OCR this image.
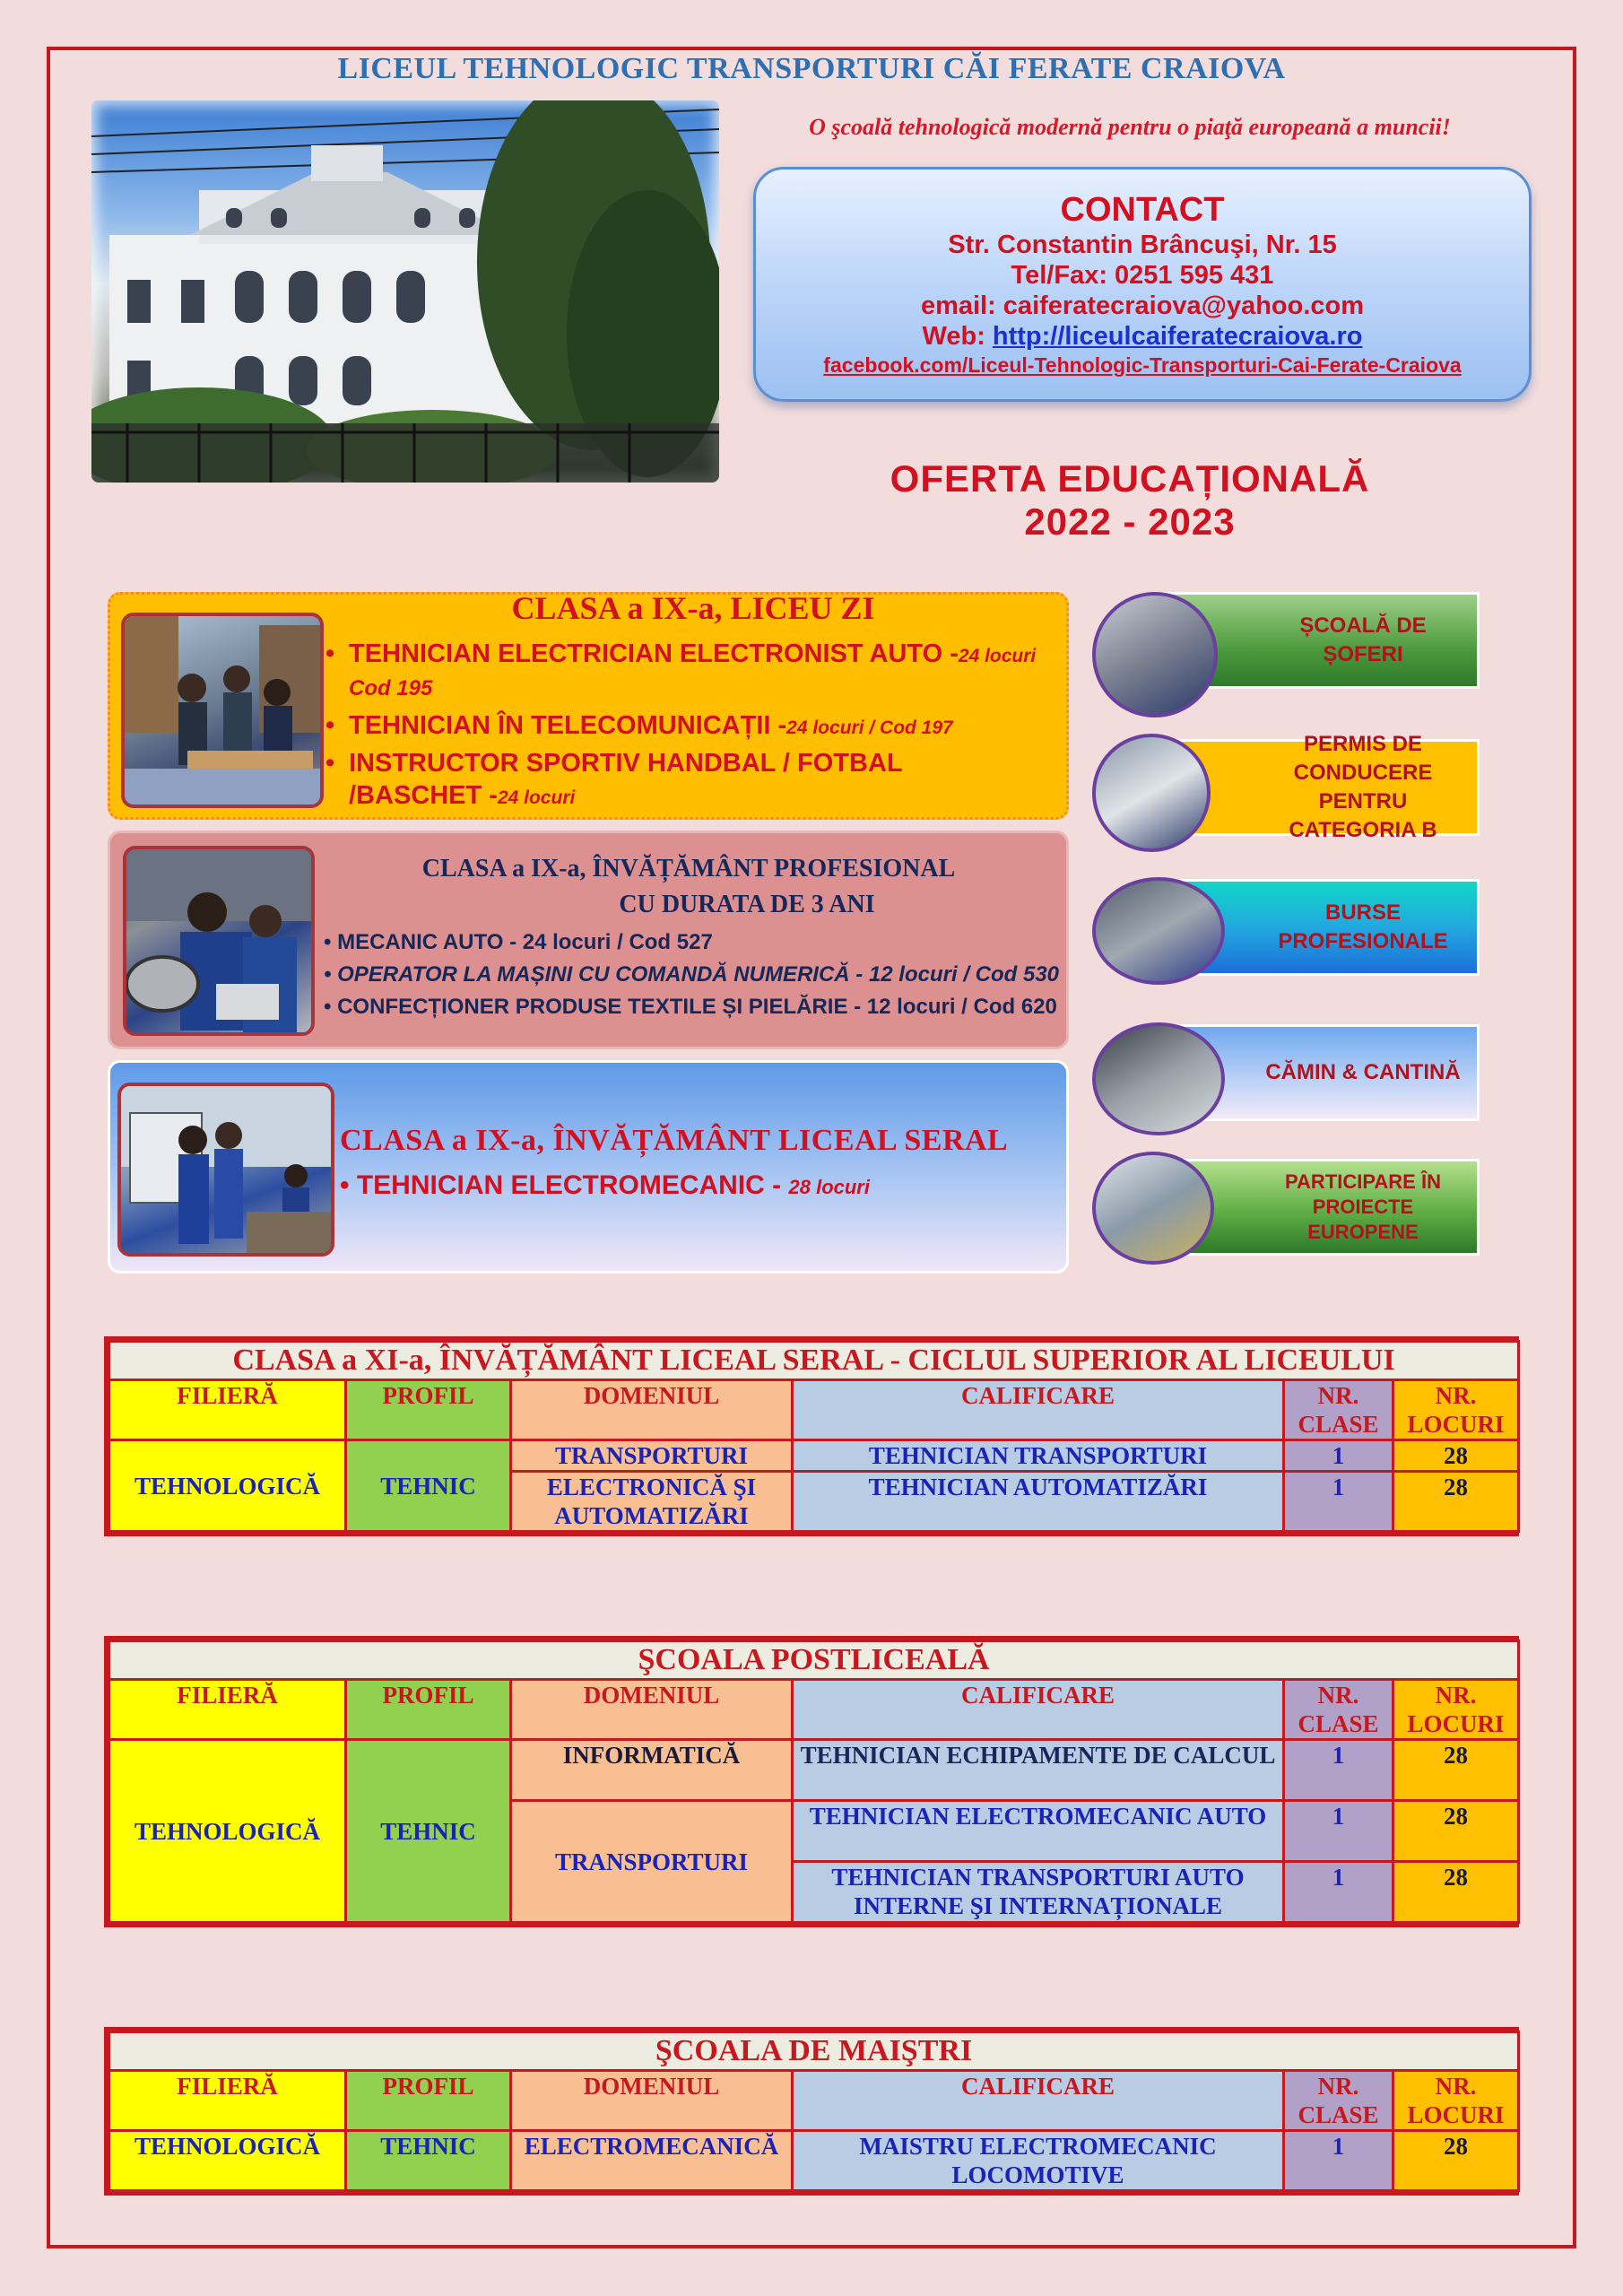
LICEUL TEHNOLOGIC TRANSPORTURI CĂI FERATE CRAIOVA
O şcoală tehnologică modernă pentru o piaţă europeană a muncii!
CONTACT
Str. Constantin Brâncuşi, Nr. 15
Tel/Fax: 0251 595 431
email: caiferatecraiova@yahoo.com
Web: http://liceulcaiferatecraiova.ro
facebook.com/Liceul-Tehnologic-Transporturi-Cai-Ferate-Craiova
OFERTA EDUCAȚIONALĂ
2022 - 2023
CLASA a IX-a, LICEU ZI
• TEHNICIAN ELECTRICIAN ELECTRONIST AUTO -24 locuri
Cod 195
• TEHNICIAN ÎN TELECOMUNICAȚII -24 locuri / Cod 197
• INSTRUCTOR SPORTIV HANDBAL / FOTBAL
/BASCHET -24 locuri
CLASA a IX-a, ÎNVĂȚĂMÂNT PROFESIONAL
CU DURATA DE 3 ANI
• MECANIC AUTO - 24 locuri / Cod 527
• OPERATOR LA MAȘINI CU COMANDĂ NUMERICĂ - 12 locuri / Cod 530
• CONFECȚIONER PRODUSE TEXTILE ȘI PIELĂRIE - 12 locuri / Cod 620
CLASA a IX-a, ÎNVĂȚĂMÂNT LICEAL SERAL
• TEHNICIAN ELECTROMECANIC - 28 locuri
ȘCOALĂ DE ȘOFERI
PERMIS DE CONDUCERE PENTRU CATEGORIA B
BURSE PROFESIONALE
CĂMIN & CANTINĂ
PARTICIPARE ÎN PROIECTE EUROPENE
CLASA a XI-a, ÎNVĂȚĂMÂNT LICEAL SERAL - CICLUL SUPERIOR AL LICEULUI					
FILIERĂ	PROFIL	DOMENIUL	CALIFICARE	NR. CLASE	NR. LOCURI
TEHNOLOGICĂ	TEHNIC	TRANSPORTURI	TEHNICIAN TRANSPORTURI	1	28
		ELECTRONICĂ ŞI AUTOMATIZĂRI	TEHNICIAN AUTOMATIZĂRI	1	28
ŞCOALA POSTLICEALĂ					
FILIERĂ	PROFIL	DOMENIUL	CALIFICARE	NR. CLASE	NR. LOCURI
TEHNOLOGICĂ	TEHNIC	INFORMATICĂ	TEHNICIAN ECHIPAMENTE DE CALCUL	1	28
		TRANSPORTURI	TEHNICIAN ELECTROMECANIC AUTO	1	28
			TEHNICIAN TRANSPORTURI AUTO INTERNE ŞI INTERNAȚIONALE	1	28
ŞCOALA DE MAIŞTRI					
FILIERĂ	PROFIL	DOMENIUL	CALIFICARE	NR. CLASE	NR. LOCURI
TEHNOLOGICĂ	TEHNIC	ELECTROMECANICĂ	MAISTRU ELECTROMECANIC LOCOMOTIVE	1	28
